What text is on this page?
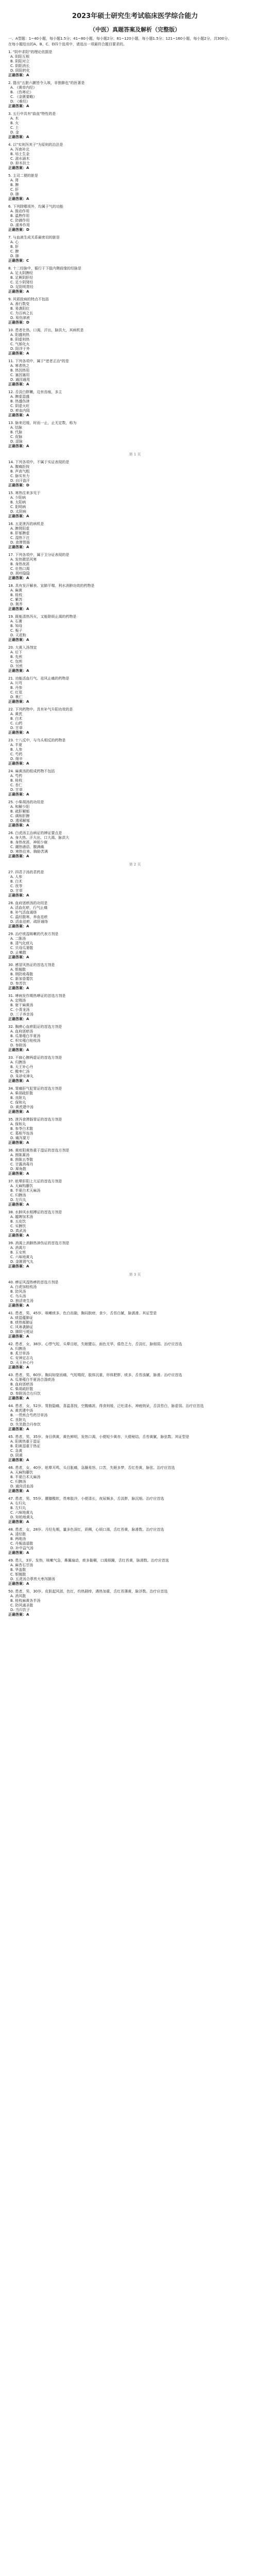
2023年硕士研究生考试临床医学综合能力
（中医）真题答案及解析（完整版）
一、A型题：1~40小题，每小题1.5分；41~80小题，每小题2分；81~120小题，每小题1.5分；121~160小题，每小题2分，共300分。
在每小题给出的A、B、C、D四个选项中，请选出一项最符合题目要求的。
1. "阴中求阳"的理论依据是
A. 阴阳互根
B. 阴阳对立
C. 阴阳消长
D. 阴阳转化
正确答案：A
2. 提出"五脏六腑皆令人咳，非独肺也"的医著是
A. 《黄帝内经》
B. 《伤寒论》
C. 《金匮要略》
D. 《难经》
正确答案：A
3. 五行中具有"曲直"特性的是
A. 木
B. 火
C. 土
D. 金
正确答案：A
4. 以"实则泻其子"为原则的治法是
A. 泻南补北
B. 培土生金
C. 滋水涵木
D. 抑木扶土
正确答案：A
5. 主司二便的脏是
A. 肾
B. 脾
C. 肝
D. 肺
正确答案：A
6. 下列除哪项外，均属于气的功能
A. 推动作用
B. 温煦作用
C. 防御作用
D. 濡养作用
正确答案：D
7. 与血液生成关系最密切的脏是
A. 心
B. 肝
C. 脾
D. 肺
正确答案：C
8. 十二经脉中，循行于下肢内侧前缘的经脉是
A. 足太阴脾经
B. 足厥阴肝经
C. 足少阴肾经
D. 足阳明胃经
正确答案：A
9. 风邪致病的特点不包括
A. 善行数变
B. 易袭阳位
C. 为百病之长
D. 易伤津液
正确答案：D
10. 患者壮热，口渴，汗出，脉洪大，其病机是
A. 阳盛则热
B. 阴虚则热
C. 气郁化火
D. 阳浮于外
正确答案：A
11. 下列各项中，属于"逆者正治"的是
A. 寒者热之
B. 热因热用
C. 塞因塞用
D. 通因通用
正确答案：A
12. 舌淡白胖嫩，边有齿痕，多主
A. 脾虚湿盛
B. 热盛伤津
C. 阴虚火旺
D. 瘀血内阻
正确答案：A
13. 脉来迟缓，时而一止，止无定数，称为
A. 结脉
B. 代脉
C. 促脉
D. 涩脉
正确答案：A
第 1 页
14. 下列各项中，不属于实证表现的是
A. 腹痛拒按
B. 声高气粗
C. 脉实有力
D. 自汗盗汗
正确答案：D
15. 寒热往来多见于
A. 少阳病
B. 太阳病
C. 阳明病
D. 太阴病
正确答案：A
16. 五更泄泻的病机是
A. 脾肾阳虚
B. 肝郁脾虚
C. 湿热下注
D. 食滞胃肠
正确答案：A
17. 下列各项中，属于卫分证表现的是
A. 发热微恶风寒
B. 身热夜甚
C. 壮热口渴
D. 斑疹隐隐
正确答案：A
18. 具有发汗解表、宣肺平喘、利水消肿功效的药物是
A. 麻黄
B. 桂枝
C. 紫苏
D. 荆芥
正确答案：A
19. 既能清热泻火，又能除烦止渴的药物是
A. 石膏
B. 知母
C. 栀子
D. 天花粉
正确答案：A
20. 大黄入汤剂宜
A. 后下
B. 先煎
C. 包煎
D. 另煎
正确答案：A
21. 功能活血行气、祛风止痛的药物是
A. 川芎
B. 丹参
C. 红花
D. 桃仁
正确答案：A
22. 下列药物中，具有补气升阳功效的是
A. 黄芪
B. 白术
C. 山药
D. 甘草
正确答案：A
23. 十八反中，与乌头相反的药物是
A. 半夏
B. 人参
C. 芍药
D. 细辛
正确答案：A
24. 麻黄汤的组成药物不包括
A. 芍药
B. 桂枝
C. 杏仁
D. 甘草
正确答案：A
25. 小柴胡汤的功用是
A. 和解少阳
B. 疏肝解郁
C. 调和肝脾
D. 透邪解郁
正确答案：A
26. 白虎汤主治病证的辨证要点是
A. 身大热、汗大出、口大渴、脉洪大
B. 身热夜甚、神烦少寐
C. 潮热谵语、腹满痛
D. 寒热往来、胸胁苦满
正确答案：A
第 2 页
27. 四君子汤的君药是
A. 人参
B. 白术
C. 茯苓
D. 甘草
正确答案：A
28. 血府逐瘀汤的功用是
A. 活血化瘀，行气止痛
B. 补气活血通络
C. 温经散寒，养血祛瘀
D. 活血祛瘀，疏肝通络
正确答案：A
29. 治疗痰湿咳嗽的代表方剂是
A. 二陈汤
B. 清气化痰丸
C. 贝母瓜蒌散
D. 止嗽散
正确答案：A
30. 感冒风热证的首选方剂是
A. 银翘散
B. 荆防败毒散
C. 新加香薷饮
D. 参苏饮
正确答案：A
31. 哮病发作期热哮证的首选方剂是
A. 定喘汤
B. 射干麻黄汤
C. 小青龙汤
D. 三子养亲汤
正确答案：A
32. 胸痹心血瘀阻证的首选方剂是
A. 血府逐瘀汤
B. 瓜蒌薤白半夏汤
C. 枳实薤白桂枝汤
D. 参附汤
正确答案：A
33. 不寐心脾两虚证的首选方剂是
A. 归脾汤
B. 天王补心丹
C. 酸枣仁汤
D. 朱砂安神丸
正确答案：A
34. 胃痛肝气犯胃证的首选方剂是
A. 柴胡疏肝散
B. 良附丸
C. 保和丸
D. 黄芪建中汤
正确答案：A
35. 泄泻食滞肠胃证的首选方剂是
A. 保和丸
B. 参苓白术散
C. 葛根芩连汤
D. 痛泻要方
正确答案：A
36. 黄疸阳黄热重于湿证的首选方剂是
A. 茵陈蒿汤
B. 茵陈五苓散
C. 甘露消毒丹
D. 犀角散
正确答案：A
37. 眩晕肝阳上亢证的首选方剂是
A. 天麻钩藤饮
B. 半夏白术天麻汤
C. 归脾汤
D. 左归丸
正确答案：A
38. 水肿风水相搏证的首选方剂是
A. 越婢加术汤
B. 五皮饮
C. 实脾饮
D. 真武汤
正确答案：A
39. 消渴上消肺热津伤证的首选方剂是
A. 消渴方
B. 玉女煎
C. 六味地黄丸
D. 金匮肾气丸
正确答案：A
第 3 页
40. 痹证风湿热痹的首选方剂是
A. 白虎加桂枝汤
B. 防风汤
C. 乌头汤
D. 独活寄生汤
正确答案：A
41. 患者，男，45岁。咳嗽痰多，色白而黏，胸闷脘痞，食少，舌苔白腻，脉濡滑。其证型是
A. 痰湿蕴肺证
B. 痰热郁肺证
C. 风寒袭肺证
D. 肺阴亏耗证
正确答案：A
42. 患者，女，38岁。心悸气短，头晕目眩，失眠健忘，面色无华，倦怠乏力，舌淡红，脉细弱。治疗应首选
A. 归脾汤
B. 炙甘草汤
C. 安神定志丸
D. 天王补心丹
正确答案：A
43. 患者，男，60岁。胸闷如窒而痛，气短喘促，肢体沉重，形体肥胖，痰多，舌苔浊腻，脉滑。治疗应首选
A. 瓜蒌薤白半夏汤合涤痰汤
B. 血府逐瘀汤
C. 柴胡疏肝散
D. 参附汤合右归饮
正确答案：A
44. 患者，女，52岁。胃脘隐痛，喜温喜按，空腹痛甚，得食则缓，泛吐清水，神疲纳呆，舌淡苔白，脉虚弱。治疗应首选
A. 黄芪建中汤
B. 一贯煎合芍药甘草汤
C. 良附丸
D. 失笑散合丹参饮
正确答案：A
45. 患者，男，35岁。身目俱黄，黄色鲜明，发热口渴，小便短少黄赤，大便秘结，舌苔黄腻，脉弦数。其证型是
A. 阳黄热重于湿证
B. 阳黄湿重于热证
C. 急黄
D. 阴黄
正确答案：A
46. 患者，女，40岁。眩晕耳鸣，头目胀痛，急躁易怒，口苦，失眠多梦，舌红苔黄，脉弦。治疗应首选
A. 天麻钩藤饮
B. 半夏白术天麻汤
C. 归脾汤
D. 通窍活血汤
正确答案：A
47. 患者，男，55岁。腰膝酸软，畏寒肢冷，小便清长，夜尿频多，舌淡胖，脉沉细。治疗应首选
A. 右归丸
B. 左归丸
C. 六味地黄丸
D. 知柏地黄丸
正确答案：A
48. 患者，女，28岁。月经先期，量多色深红，质稠，心烦口渴，舌红苔黄，脉滑数。治疗应首选
A. 清经散
B. 两地汤
C. 丹栀逍遥散
D. 补中益气汤
正确答案：A
49. 患儿，3岁。发热，咳嗽气急，鼻翼扇动，痰多黏稠，口渴烦躁，舌红苔黄，脉滑数。治疗应首选
A. 麻杏石甘汤
B. 华盖散
C. 银翘散
D. 五虎汤合葶苈大枣泻肺汤
正确答案：A
50. 患者，男，30岁。皮肤起风团，色红，灼热剧痒，遇热加重，舌红苔薄黄，脉浮数。治疗应首选
A. 消风散
B. 桂枝麻黄各半汤
C. 防风通圣散
D. 当归饮子
正确答案：A
